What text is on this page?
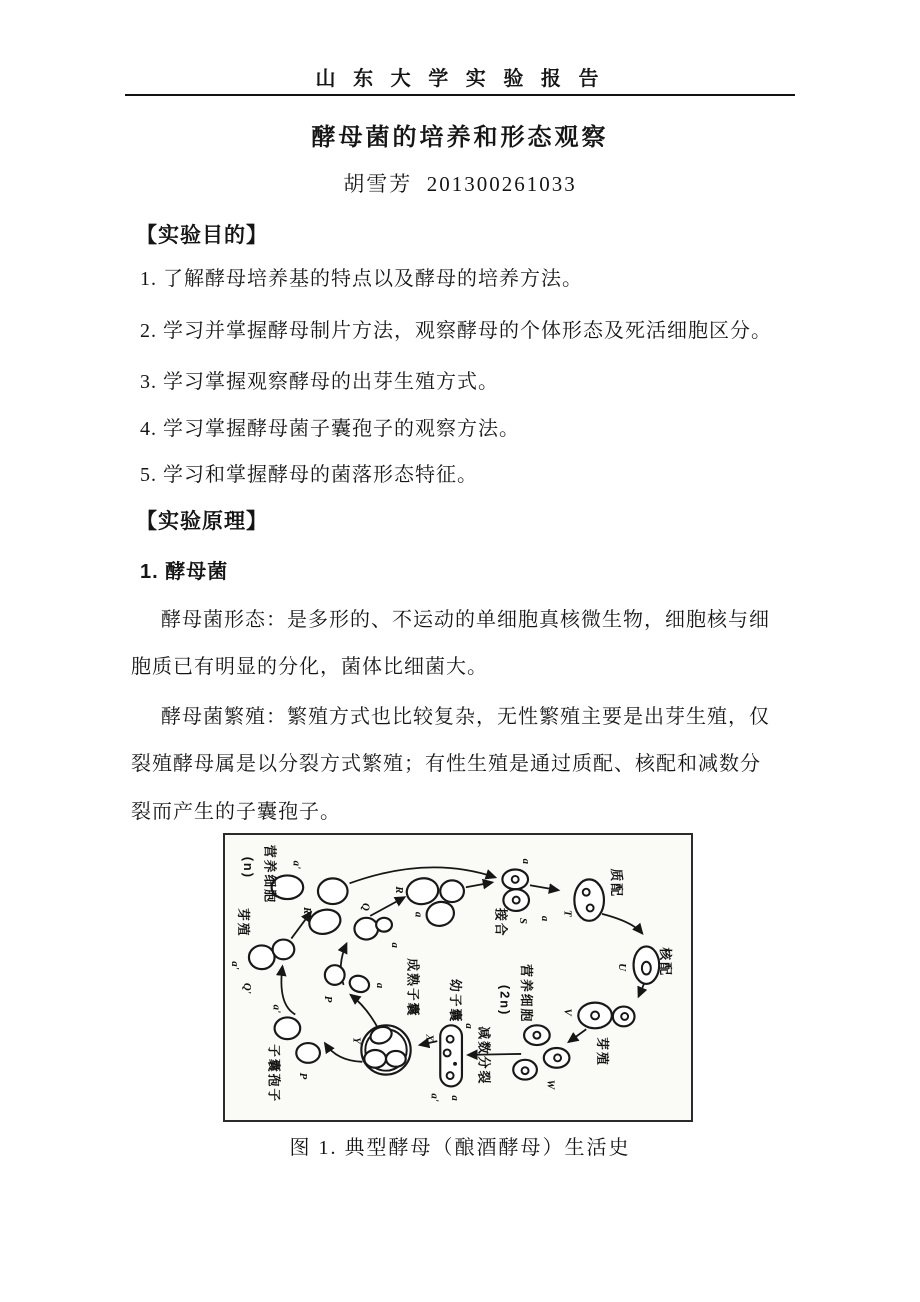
山 东 大 学 实 验 报 告
酵母菌的培养和形态观察
胡雪芳  201300261033
【实验目的】
1. 了解酵母培养基的特点以及酵母的培养方法。
2. 学习并掌握酵母制片方法，观察酵母的个体形态及死活细胞区分。
3. 学习掌握观察酵母的出芽生殖方式。
4. 学习掌握酵母菌子囊孢子的观察方法。
5. 学习和掌握酵母的菌落形态特征。
【实验原理】
1. 酵母菌
酵母菌形态：是多形的、不运动的单细胞真核微生物，细胞核与细
胞质已有明显的分化，菌体比细菌大。
酵母菌繁殖：繁殖方式也比较复杂，无性繁殖主要是出芽生殖，仅
裂殖酵母属是以分裂方式繁殖；有性生殖是通过质配、核配和减数分
裂而产生的子囊孢子。
营养细胞
(n)
芽殖
子囊孢子
成熟子囊 幼子囊
减数分裂
营养细胞
(2n)
芽殖
核配
质配
接合
a'
R'
a'
Q'
a'
P
Y	X
a
a' a
W
V
U
T
S a
a
R
Q
a
a
P
a
图 1. 典型酵母（酿酒酵母）生活史
